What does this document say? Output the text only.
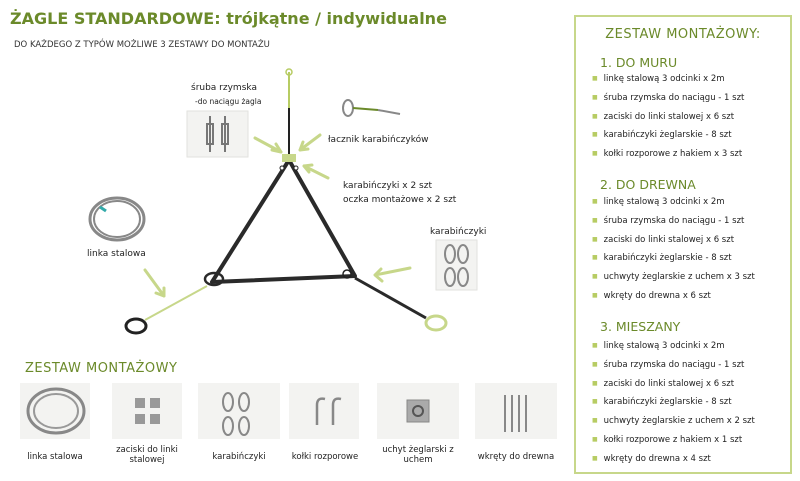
ŻAGLE STANDARDOWE: trójkątne / indywidualne
DO KAŻDEGO Z TYPÓW MOŻLIWE 3 ZESTAWY DO MONTAŻU
śruba rzymska
-do naciągu żagla
łacznik karabińczyków
karabińczyki x 2 szt
oczka montażowe x 2 szt
karabińczyki
linka stalowa
ZESTAW MONTAŻOWY
linka stalowa
zaciski do linki stalowej	karabińczyki	kołki rozporowe
uchyt żeglarski z uchem	wkręty do drewna
ZESTAW MONTAŻOWY:
1. DO MURU
■ linkę stalową 3 odcinki x 2m
■ śruba rzymska do naciągu - 1 szt
■ zaciski do linki stalowej x 6 szt
■ karabińczyki żeglarskie - 8 szt
■ kołki rozporowe z hakiem x 3 szt
2. DO DREWNA
■ linkę stalową 3 odcinki x 2m
■ śruba rzymska do naciągu - 1 szt
■ zaciski do linki stalowej x 6 szt
■ karabińczyki żeglarskie - 8 szt
■ uchwyty żeglarskie z uchem x 3 szt
■ wkręty do drewna x 6 szt
3. MIESZANY
■ linkę stalową 3 odcinki x 2m
■ śruba rzymska do naciągu - 1 szt
■ zaciski do linki stalowej x 6 szt
■ karabińczyki żeglarskie - 8 szt
■ uchwyty żeglarskie z uchem x 2 szt
■ kołki rozporowe z hakiem x 1 szt
■ wkręty do drewna x 4 szt
